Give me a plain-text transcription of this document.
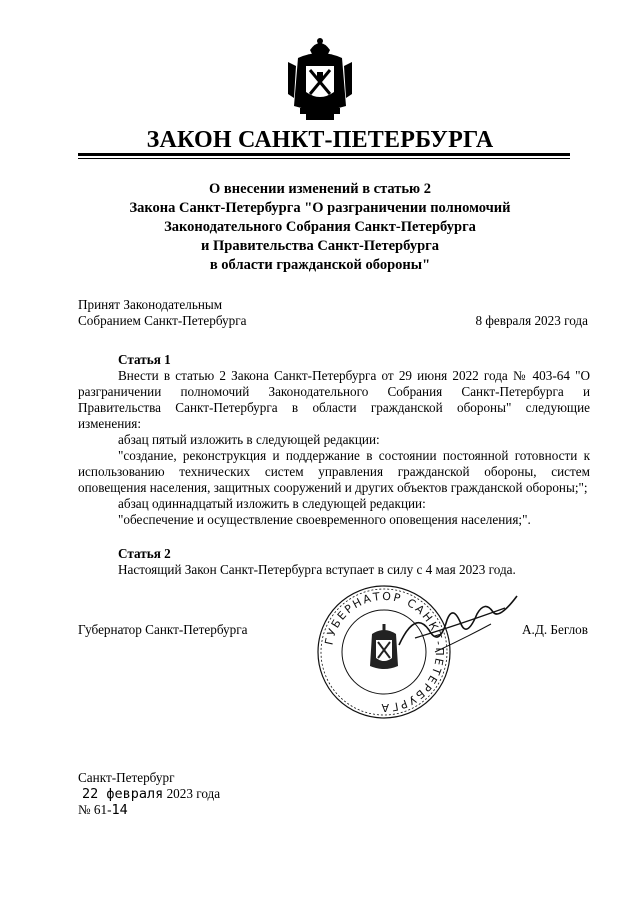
ЗАКОН САНКТ-ПЕТЕРБУРГА
О внесении изменений в статью 2
Закона Санкт-Петербурга "О разграничении полномочий
Законодательного Собрания Санкт-Петербурга
и Правительства Санкт-Петербурга
в области гражданской обороны"
Принят Законодательным
Собранием Санкт-Петербурга	8 февраля 2023 года
Статья 1
Внести в статью 2 Закона Санкт-Петербурга от 29 июня 2022 года № 403-64 "О разграничении полномочий Законодательного Собрания Санкт-Петербурга и Правительства Санкт-Петербурга в области гражданской обороны" следующие изменения:
абзац пятый изложить в следующей редакции:
"создание, реконструкция и поддержание в состоянии постоянной готовности к использованию технических систем управления гражданской обороны, систем оповещения населения, защитных сооружений и других объектов гражданской обороны;";
абзац одиннадцатый изложить в следующей редакции:
"обеспечение и осуществление своевременного оповещения населения;".
Статья 2
Настоящий Закон Санкт-Петербурга вступает в силу с 4 мая 2023 года.
ГУБЕРНАТОР САНКТ-ПЕТЕРБУРГА
Губернатор Санкт-Петербурга	А.Д. Беглов
Санкт-Петербург
22 февраля 2023 года
№ 61-14
